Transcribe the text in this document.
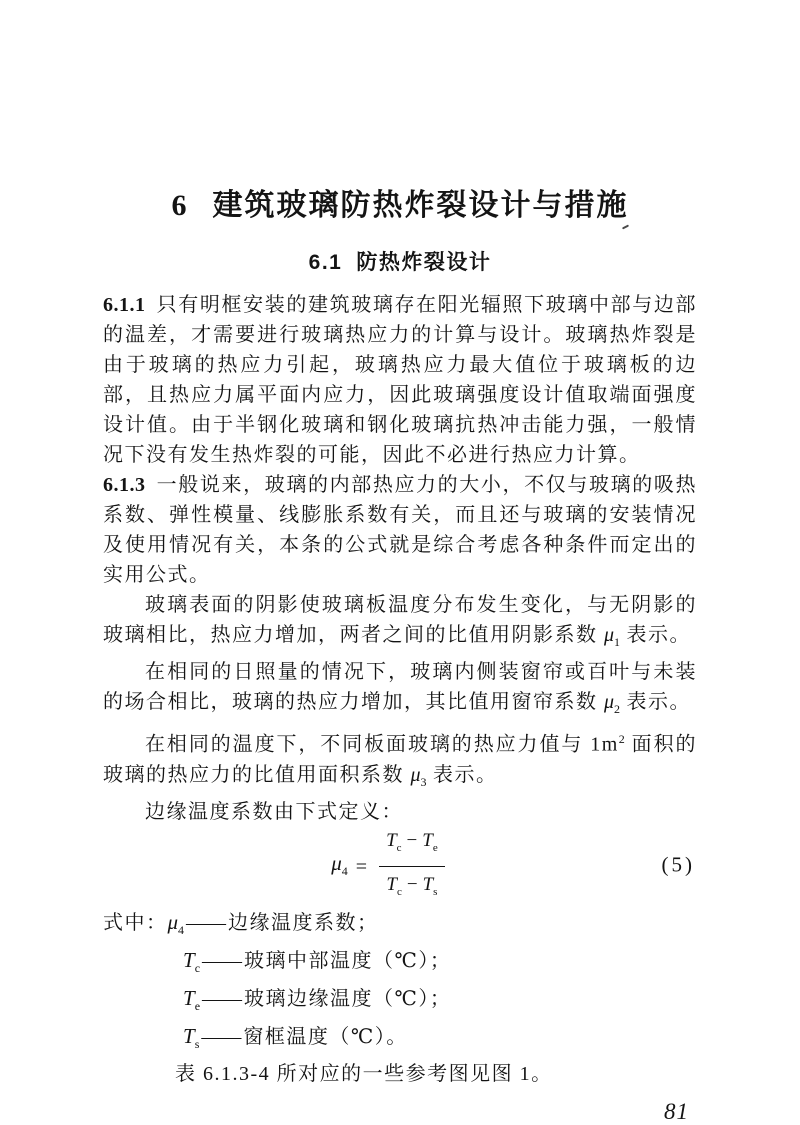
6 建筑玻璃防热炸裂设计与措施
6.1 防热炸裂设计

6.1.1 只有明框安装的建筑玻璃存在阳光辐照下玻璃中部与边部的温差，才需要进行玻璃热应力的计算与设计。玻璃热炸裂是由于玻璃的热应力引起，玻璃热应力最大值位于玻璃板的边部，且热应力属平面内应力，因此玻璃强度设计值取端面强度设计值。由于半钢化玻璃和钢化玻璃抗热冲击能力强，一般情况下没有发生热炸裂的可能，因此不必进行热应力计算。

6.1.3 一般说来，玻璃的内部热应力的大小，不仅与玻璃的吸热系数、弹性模量、线膨胀系数有关，而且还与玻璃的安装情况及使用情况有关，本条的公式就是综合考虑各种条件而定出的实用公式。

玻璃表面的阴影使玻璃板温度分布发生变化，与无阴影的玻璃相比，热应力增加，两者之间的比值用阴影系数 $\mu_1$ 表示。

在相同的日照量的情况下，玻璃内侧装窗帘或百叶与未装的场合相比，玻璃的热应力增加，其比值用窗帘系数 $\mu_2$ 表示。

在相同的温度下，不同板面玻璃的热应力值与 $1m^2$ 面积的玻璃的热应力的比值用面积系数 $\mu_3$ 表示。

边缘温度系数由下式定义：

$\mu_4 = \frac{T_c - T_e}{T_c - T_s}$	(5)

式中：$\mu_4$ —— 边缘温度系数；

$T_c$ —— 玻璃中部温度（℃）；

$T_e$ —— 玻璃边缘温度（℃）；

$T_s$ —— 窗框温度（℃）。

表 6.1.3-4 所对应的一些参考图见图 1。

81
